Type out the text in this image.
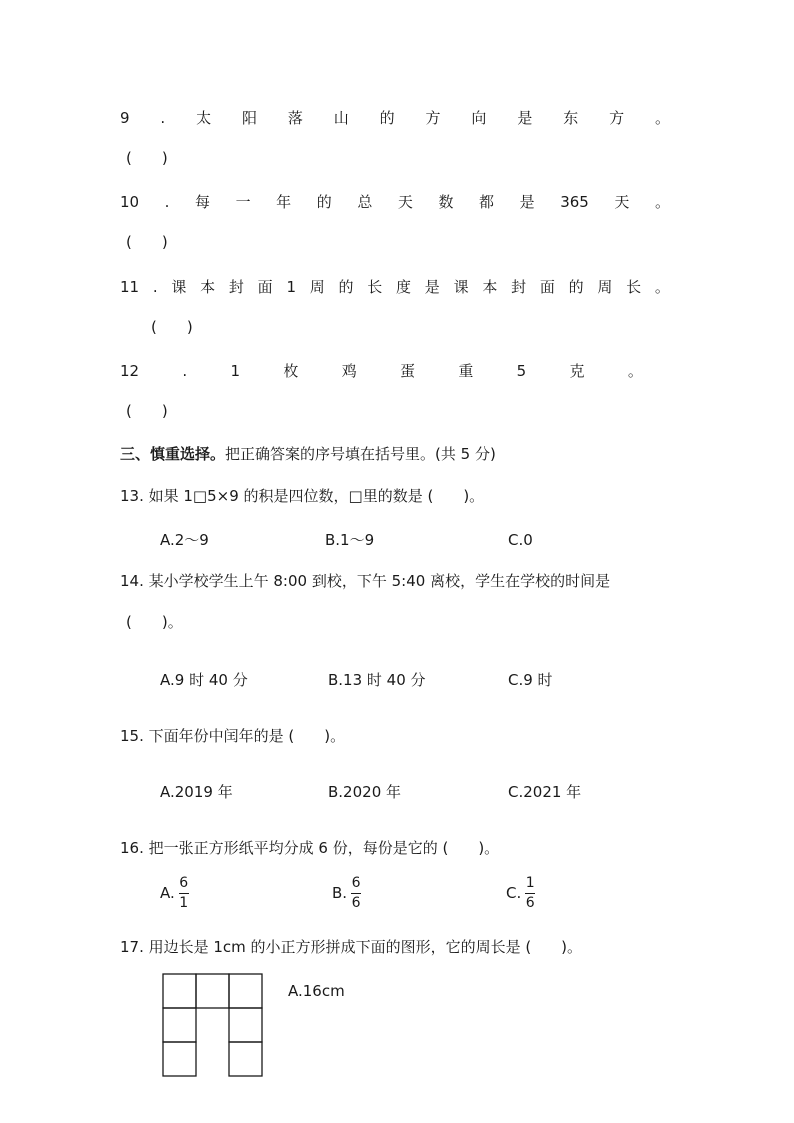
9 . 太 阳 落 山 的 方 向 是 东 方 。
(　　)
10 . 每 一 年 的 总 天 数 都 是 365 天 。
(　　)
11 . 课 本 封 面 1 周 的 长 度 是 课 本 封 面 的 周 长 。
(　　)
12	.	1	枚	鸡	蛋	重	5	克	。
(　　)
三、慎重选择。把正确答案的序号填在括号里。(共 5 分)
13. 如果 1□5×9 的积是四位数，□里的数是 (　　)。
A.2～9	B.1～9	C.0
14. 某小学校学生上午 8:00 到校，下午 5:40 离校，学生在学校的时间是
(　　)。
A.9 时 40 分	B.13 时 40 分	C.9 时
15. 下面年份中闰年的是 (　　)。
A.2019 年	B.2020 年	C.2021 年
16. 把一张正方形纸平均分成 6 份，每份是它的 (　　)。
A. $\frac{6}{1}$	B. $\frac{6}{6}$	C. $\frac{1}{6}$
17. 用边长是 1cm 的小正方形拼成下面的图形，它的周长是 (　　)。
A.16cm
